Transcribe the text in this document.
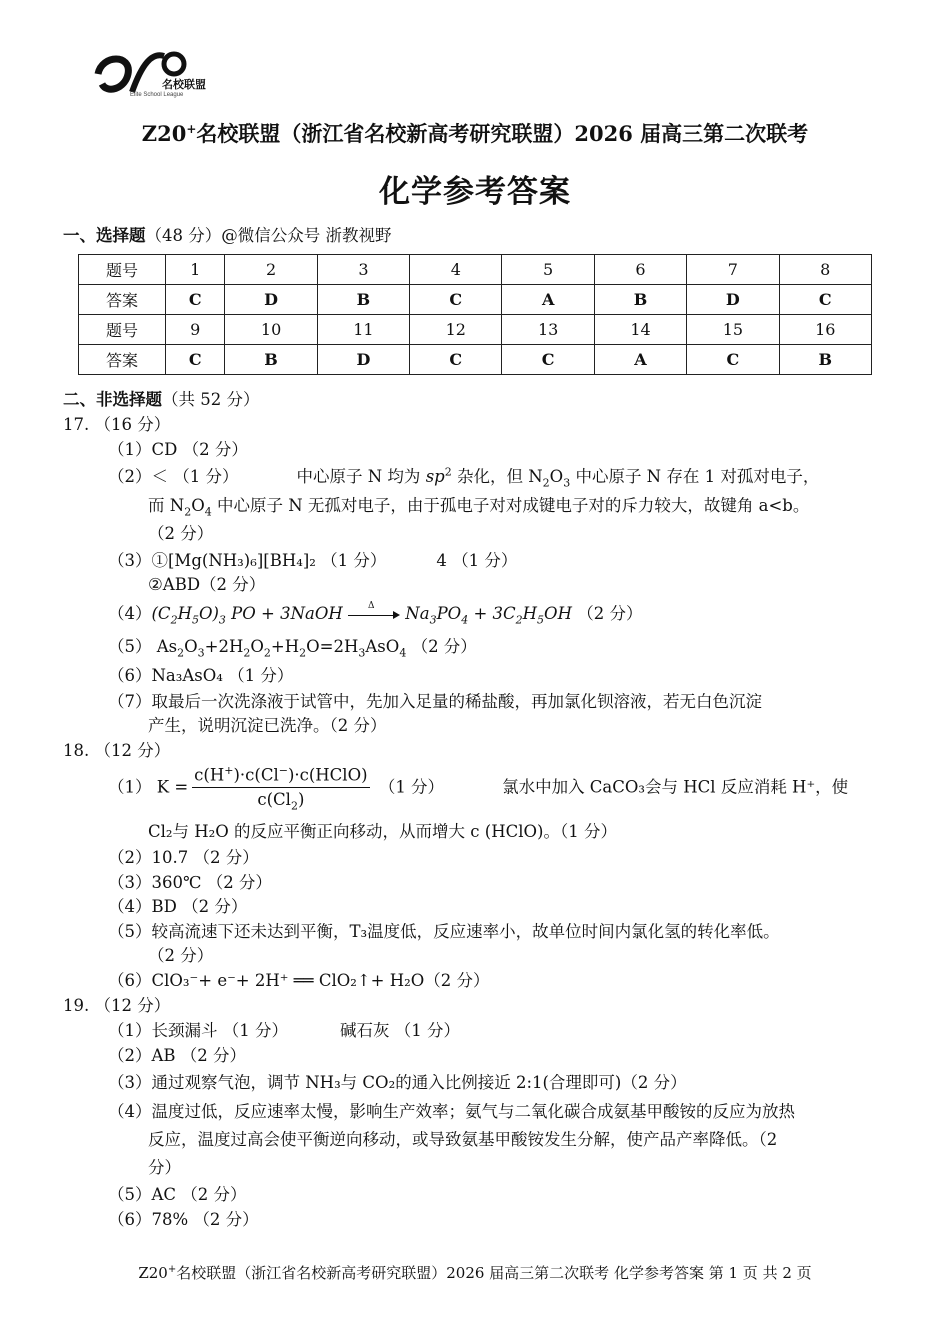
名校联盟
Elite School League
Z20+名校联盟（浙江省名校新高考研究联盟）2026 届高三第二次联考
化学参考答案
一、选择题（48 分）@微信公众号 浙教视野
题号	1	2	3	4	5	6	7	8
答案	C	D	B	C	A	B	D	C
题号	9	10	11	12	13	14	15	16
答案	C	B	D	C	C	A	C	B
二、非选择题（共 52 分）
17. （16 分）
（1）CD （2 分）
（2）＜ （1 分）	中心原子 N 均为 $sp^2$ 杂化，但 $N_2O_3$ 中心原子 N 存在 1 对孤对电子，
而 $N_2O_4$ 中心原子 N 无孤对电子，由于孤电子对对成键电子对的斥力较大，故键角 a<b。
（2 分）
（3）①[Mg(NH₃)₆][BH₄]₂ （1 分）	4 （1 分）
②ABD（2 分）
$(4)(C_2H_5O)_3$ PO + 3NaOH Δ $Na_3PO_4 + 3C_2H_5OH$ （2 分）
（5） $As_2O_3+2H_2O_2+H_2O=2H_3AsO_4$ （2 分）
（6）Na₃AsO₄ （1 分）
（7）取最后一次洗涤液于试管中，先加入足量的稀盐酸，再加氯化钡溶液，若无白色沉淀
产生，说明沉淀已洗净。（2 分）
18. （12 分）
（1） $K = \frac{c(H^+)\cdot c(Cl^-)\cdot c(HClO)}{c(Cl_2)} (1$ 分）	氯水中加入 CaCO₃会与 HCl 反应消耗 H⁺，使
Cl₂与 H₂O 的反应平衡正向移动，从而增大 c (HClO)。（1 分）
（2）10.7 （2 分）
（3）360℃ （2 分）
（4）BD （2 分）
（5）较高流速下还未达到平衡，T₃温度低，反应速率小，故单位时间内氯化氢的转化率低。
（2 分）
（6）ClO₃⁻+ e⁻+ 2H⁺ ══ ClO₂↑+ H₂O（2 分）
19. （12 分）
（1）长颈漏斗 （1 分）	碱石灰 （1 分）
（2）AB （2 分）
（3）通过观察气泡，调节 NH₃与 CO₂的通入比例接近 2:1(合理即可)（2 分）
（4）温度过低，反应速率太慢，影响生产效率；氨气与二氧化碳合成氨基甲酸铵的反应为放热
反应，温度过高会使平衡逆向移动，或导致氨基甲酸铵发生分解，使产品产率降低。（2
分）
（5）AC （2 分）
（6）78% （2 分）
Z20+名校联盟（浙江省名校新高考研究联盟）2026 届高三第二次联考 化学参考答案 第 1 页 共 2 页
